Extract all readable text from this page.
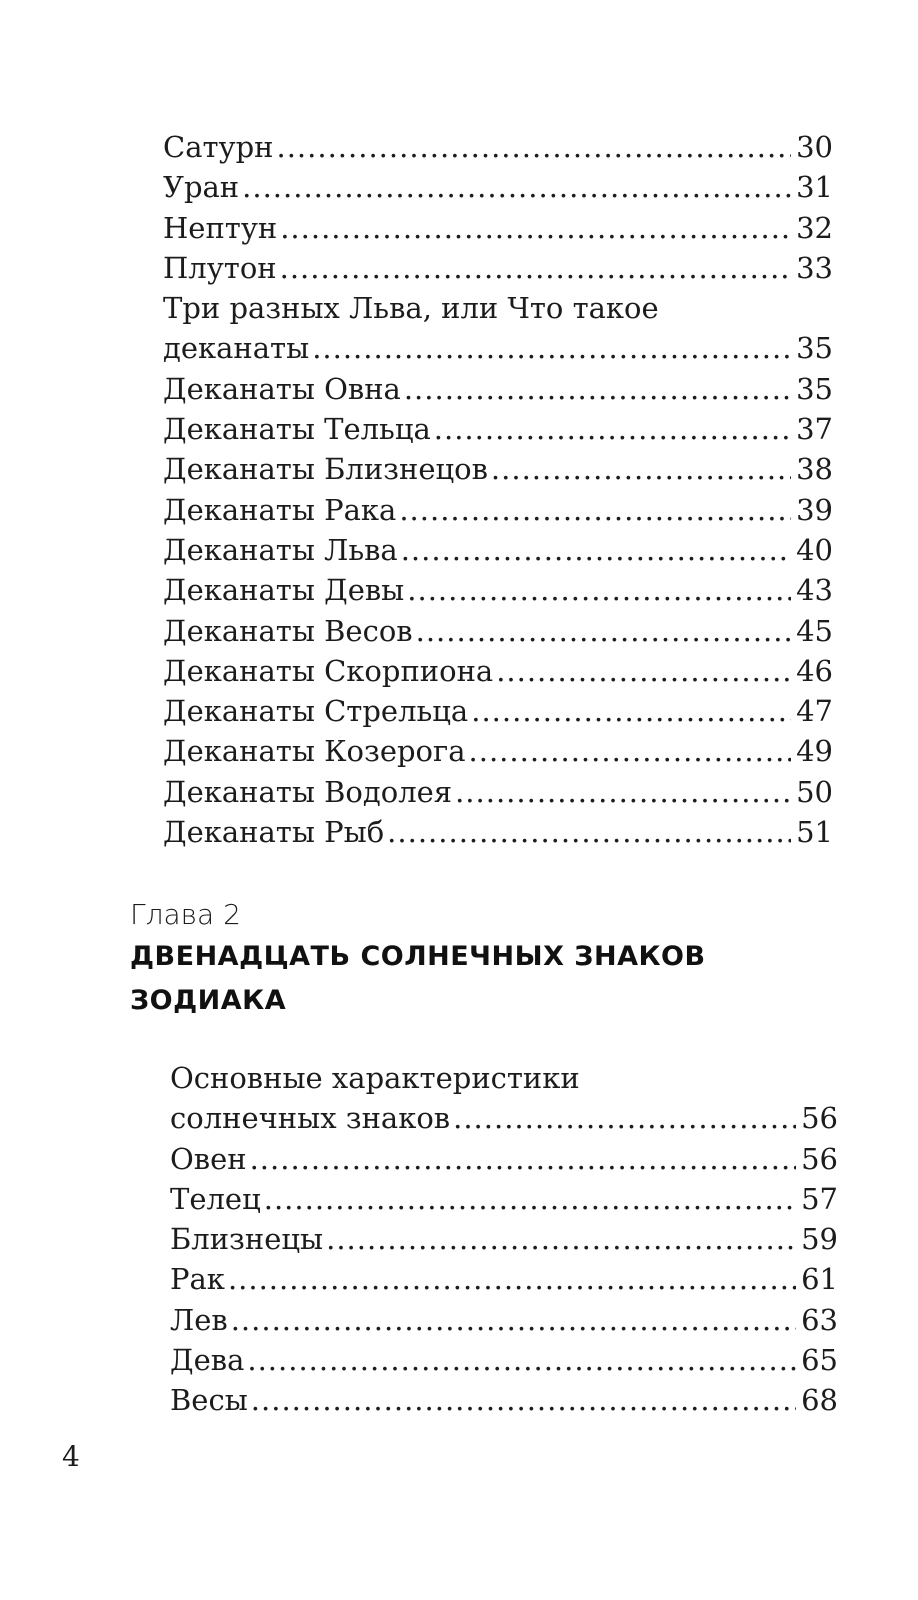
Сатурн .....	30
Уран .....	31
Нептун .....	32
Плутон .....	33
Три разных Льва, или Что такое
деканаты .....	35
Деканаты Овна .....	35
Деканаты Тельца .....	37
Деканаты Близнецов .....	38
Деканаты Рака .....	39
Деканаты Льва .....	40
Деканаты Девы .....	43
Деканаты Весов .....	45
Деканаты Скорпиона .....	46
Деканаты Стрельца .....	47
Деканаты Козерога .....	49
Деканаты Водолея .....	50
Деканаты Рыб .....	51
Глава 2
ДВЕНАДЦАТЬ СОЛНЕЧНЫХ ЗНАКОВ
ЗОДИАКА
Основные характеристики
солнечных знаков .....	56
Овен .....	56
Телец .....	57
Близнецы .....	59
Рак .....	61
Лев .....	63
Дева .....	65
Весы .....	68
4
